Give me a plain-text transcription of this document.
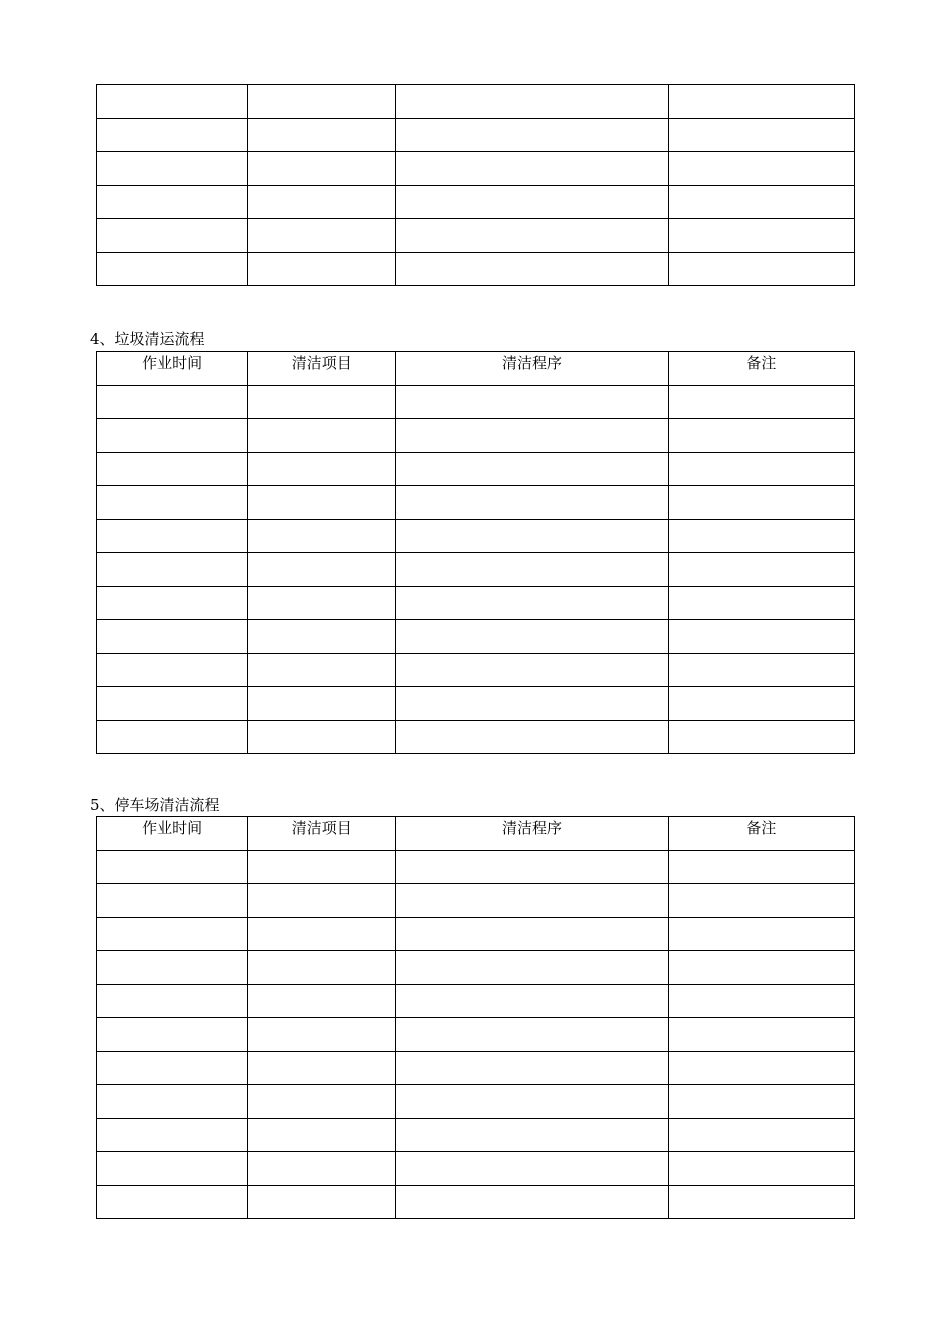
4、垃圾清运流程
作业时间	清洁项目	清洁程序	备注

5、停车场清洁流程
作业时间	清洁项目	清洁程序	备注
